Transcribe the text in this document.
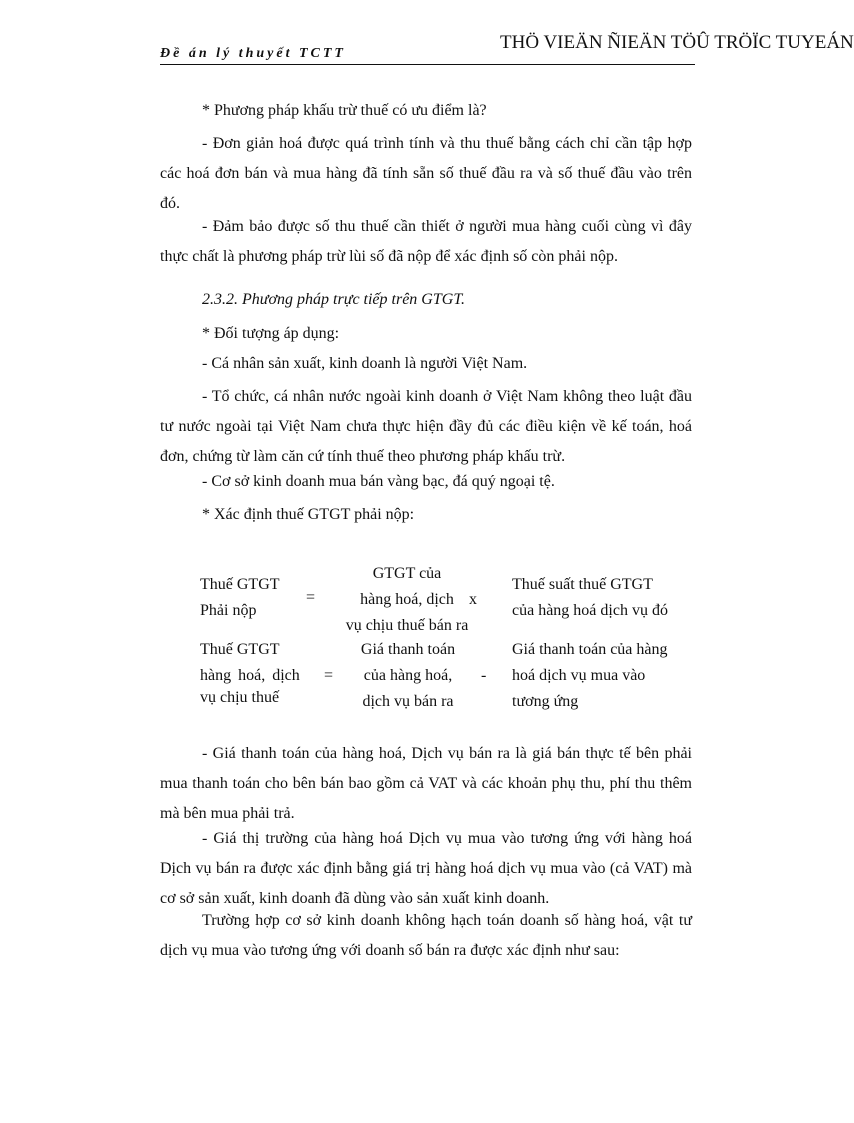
Đề án lý thuyết TCTT
THÖ VIEÄN ÑIEÄN TÖÛ TRÖÏC TUYEÁN
* Phương pháp khấu trừ thuế có ưu điểm là?
- Đơn giản hoá được quá trình tính và thu thuế bằng cách chỉ cần tập hợp các hoá đơn bán và mua hàng đã tính sẵn số thuế đầu ra và số thuế đầu vào trên đó.
- Đảm bảo được số thu thuế cần thiết ở người mua hàng cuối cùng vì đây thực chất là phương pháp trừ lùi số đã nộp để xác định số còn phải nộp.
2.3.2. Phương pháp trực tiếp trên GTGT.
* Đối tượng áp dụng:
- Cá nhân sản xuất, kinh doanh là người Việt Nam.
- Tổ chức, cá nhân nước ngoài kinh doanh ở Việt Nam không theo luật đầu tư nước ngoài tại Việt Nam chưa thực hiện đầy đủ các điều kiện về kế toán, hoá đơn, chứng từ làm căn cứ tính thuế theo phương pháp khấu trừ.
- Cơ sở kinh doanh mua bán vàng bạc, đá quý ngoại tệ.
* Xác định thuế GTGT phải nộp:
Thuế GTGT
Phải nộp
=
GTGT của
hàng hoá, dịch
vụ chịu thuế bán ra
x
Thuế suất thuế GTGT
của hàng hoá dịch vụ đó
Thuế GTGT
hàng hoá, dịch
vụ chịu thuế
=
Giá thanh toán
của hàng hoá,
dịch vụ bán ra
-
Giá thanh toán của hàng
hoá dịch vụ mua vào
tương ứng
- Giá thanh toán của hàng hoá, Dịch vụ bán ra là giá bán thực tế bên phải mua thanh toán cho bên bán bao gồm cả VAT và các khoản phụ thu, phí thu thêm mà bên mua phải trả.
- Giá thị trường của hàng hoá Dịch vụ mua vào tương ứng với hàng hoá Dịch vụ bán ra được xác định bằng giá trị hàng hoá dịch vụ mua vào (cả VAT) mà cơ sở sản xuất, kinh doanh đã dùng vào sản xuất kinh doanh.
Trường hợp cơ sở kinh doanh không hạch toán doanh số hàng hoá, vật tư dịch vụ mua vào tương ứng với doanh số bán ra được xác định như sau:
